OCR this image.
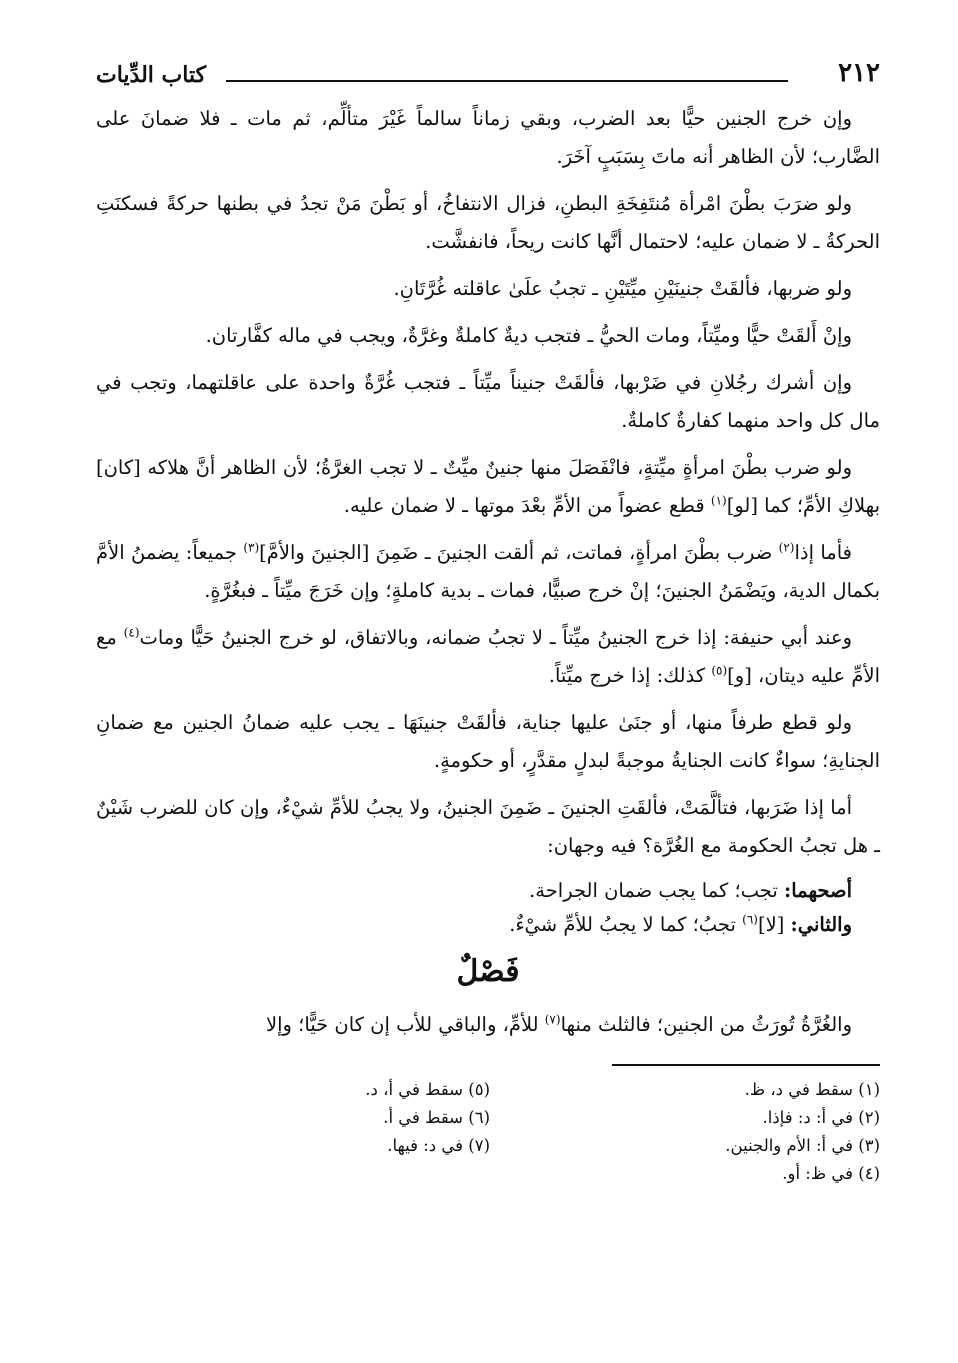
٢١٢
كتاب الدِّيات

وإن خرج الجنين حيًّا بعد الضرب، وبقي زماناً سالماً غَيْرَ متألِّم، ثم مات ـ فلا ضمانَ على الضَّارب؛ لأن الظاهر أنه ماتَ بِسَبَبٍ آخَرَ.

ولو ضرَبَ بطْنَ امْرأة مُنتَفِخَةِ البطنِ، فزال الانتفاخُ، أو بَطْنَ مَنْ تجدُ في بطنها حركةً فسكنَتِ الحركةُ ـ لا ضمان عليه؛ لاحتمال أنَّها كانت ريحاً، فانفشَّت.

ولو ضربها، فألقَتْ جنينَيْنِ ميِّتَيْنِ ـ تجبُ علَىٰ عاقلته غُرَّتَانِ.

وإنْ أَلقَتْ حيًّا وميِّتاً، ومات الحيُّ ـ فتجب ديةٌ كاملةٌ وغرَّةٌ، ويجب في ماله كفَّارتان.

وإن أشرك رجُلانِ في ضَرْبها، فألقَتْ جنيناً ميِّتاً ـ فتجب غُرَّةٌ واحدة على عاقلتهما، وتجب في مال كل واحد منهما كفارةٌ كاملةٌ.

ولو ضرب بطْنَ امرأةٍ ميِّتةٍ، فانْفَصَلَ منها جنينٌ ميِّتٌ ـ لا تجب الغرَّةُ؛ لأن الظاهر أنَّ هلاكه [كان] بهلاكِ الأمِّ؛ كما [لو]$^{(١)}$ قطع عضواً من الأمِّ بعْدَ موتها ـ لا ضمان عليه.

فأما إذا$^{(٢)}$ ضرب بطْنَ امرأةٍ، فماتت، ثم ألقت الجنينَ ـ ضَمِنَ [الجنينَ والأمَّ]$^{(٣)}$ جميعاً: يضمنُ الأمَّ بكمال الدية، ويَضْمَنُ الجنينَ؛ إنْ خرج صبيًّا، فمات ـ بدية كاملةٍ؛ وإن خَرَجَ ميِّتاً ـ فبغُرَّةٍ.

وعند أبي حنيفة: إذا خرج الجنينُ ميِّتاً ـ لا تجبُ ضمانه، وبالاتفاق، لو خرج الجنينُ حَيًّا ومات$^{(٤)}$ مع الأمِّ عليه ديتان، [و]$^{(٥)}$ كذلك: إذا خرج ميِّتاً.

ولو قطع طرفاً منها، أو جنَىٰ عليها جناية، فألقَتْ جنينَهَا ـ يجب عليه ضمانُ الجنين مع ضمانِ الجنايةِ؛ سواءٌ كانت الجنايةُ موجبةً لبدلٍ مقدَّرٍ، أو حكومةٍ.

أما إذا ضَرَبها، فتألَّمَتْ، فألقَتِ الجنينَ ـ ضَمِنَ الجنينُ، ولا يجبُ للأمِّ شيْءٌ، وإن كان للضرب شَيْنٌ ـ هل تجبُ الحكومة مع الغُرَّة؟ فيه وجهان:

أصحهما: تجب؛ كما يجب ضمان الجراحة.

والثاني: [لا]$^{(٦)}$ تجبُ؛ كما لا يجبُ للأمِّ شيْءٌ.

فَصْلٌ

والغُرَّةُ تُورَثُ من الجنين؛ فالثلث منها$^{(٧)}$ للأمِّ، والباقي للأب إن كان حَيًّا؛ وإلا

(١) سقط في د، ظ.
(٢) في أ: د: فإذا.
(٣) في أ: الأم والجنين.
(٤) في ظ: أو.
(٥) سقط في أ، د.
(٦) سقط في أ.
(٧) في د: فيها.
